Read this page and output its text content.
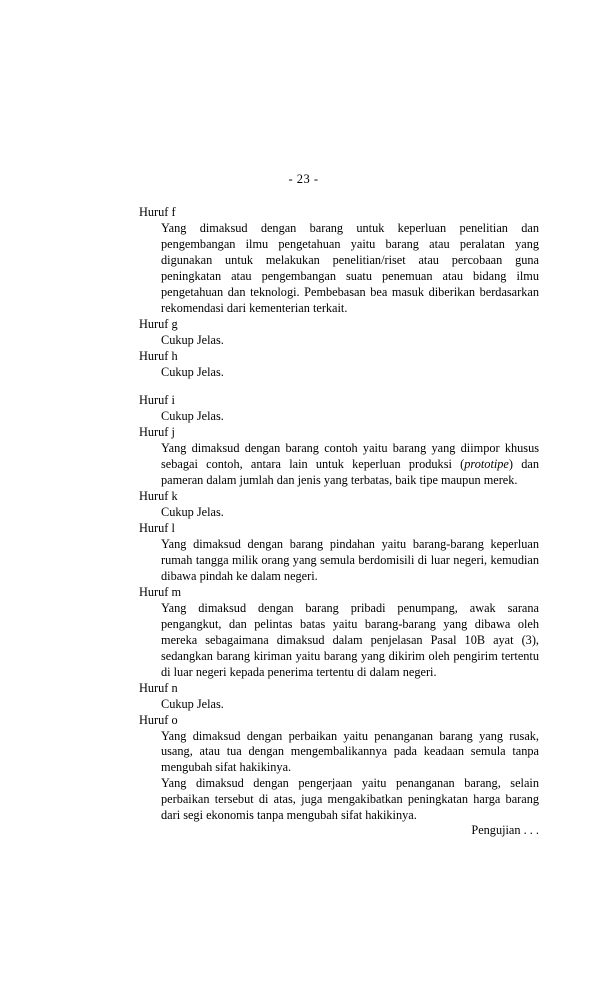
- 23 -
Huruf f
Yang dimaksud dengan barang untuk keperluan penelitian dan pengembangan ilmu pengetahuan yaitu barang atau peralatan yang digunakan untuk melakukan penelitian/riset atau percobaan guna peningkatan atau pengembangan suatu penemuan atau bidang ilmu pengetahuan dan teknologi. Pembebasan bea masuk diberikan berdasarkan rekomendasi dari kementerian terkait.
Huruf g
Cukup Jelas.
Huruf h
Cukup Jelas.
Huruf i
Cukup Jelas.
Huruf j
Yang dimaksud dengan barang contoh yaitu barang yang diimpor khusus sebagai contoh, antara lain untuk keperluan produksi (prototipe) dan pameran dalam jumlah dan jenis yang terbatas, baik tipe maupun merek.
Huruf k
Cukup Jelas.
Huruf l
Yang dimaksud dengan barang pindahan yaitu barang-barang keperluan rumah tangga milik orang yang semula berdomisili di luar negeri, kemudian dibawa pindah ke dalam negeri.
Huruf m
Yang dimaksud dengan barang pribadi penumpang, awak sarana pengangkut, dan pelintas batas yaitu barang-barang yang dibawa oleh mereka sebagaimana dimaksud dalam penjelasan Pasal 10B ayat (3), sedangkan barang kiriman yaitu barang yang dikirim oleh pengirim tertentu di luar negeri kepada penerima tertentu di dalam negeri.
Huruf n
Cukup Jelas.
Huruf o
Yang dimaksud dengan perbaikan yaitu penanganan barang yang rusak, usang, atau tua dengan mengembalikannya pada keadaan semula tanpa mengubah sifat hakikinya.
Yang dimaksud dengan pengerjaan yaitu penanganan barang, selain perbaikan tersebut di atas, juga mengakibatkan peningkatan harga barang dari segi ekonomis tanpa mengubah sifat hakikinya.
Pengujian . . .
